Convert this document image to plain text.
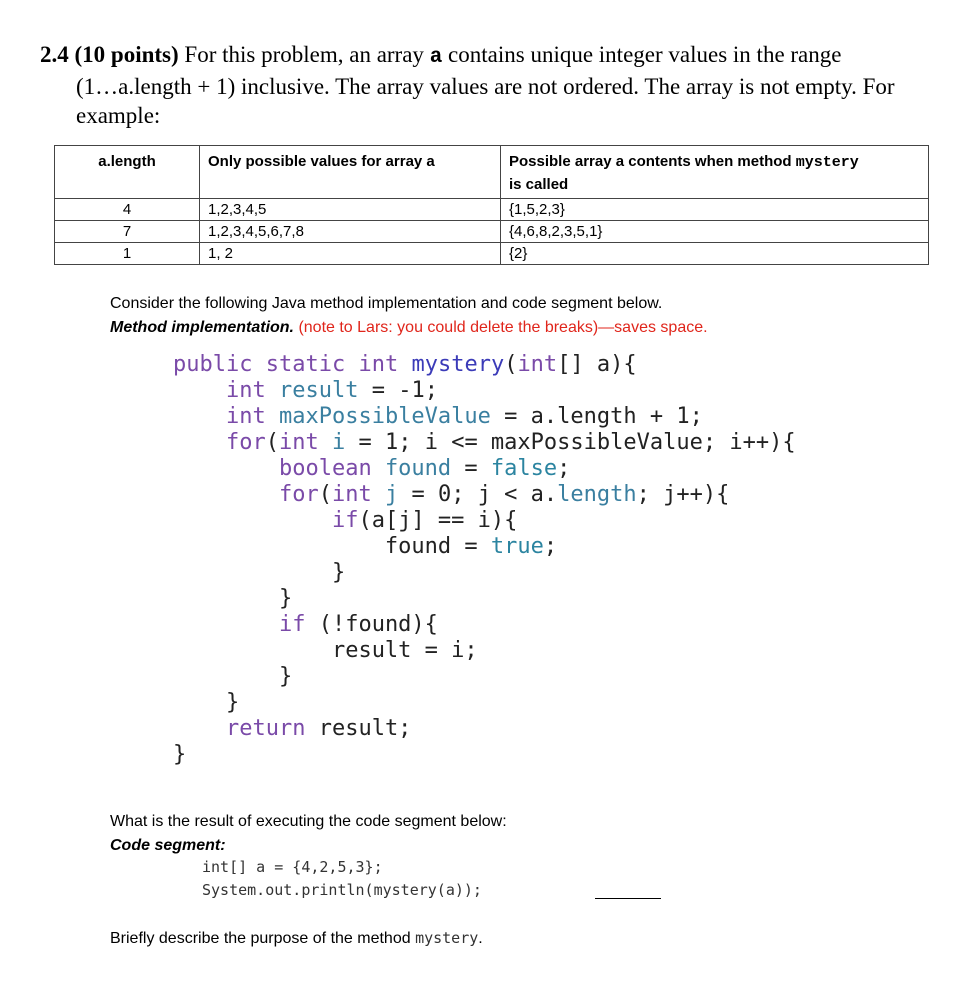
2.4 (10 points) For this problem, an array a contains unique integer values in the range
(1…a.length + 1) inclusive. The array values are not ordered. The array is not empty. For
example:
a.length	Only possible values for array a	Possible array a contents when method mystery
is called
4	1,2,3,4,5	{1,5,2,3}
7	1,2,3,4,5,6,7,8	{4,6,8,2,3,5,1}
1	1, 2	{2}
Consider the following Java method implementation and code segment below.
Method implementation. (note to Lars: you could delete the breaks)—saves space.
public static int mystery(int[] a){
int result = -1;
int maxPossibleValue = a.length + 1;
for(int i = 1; i <= maxPossibleValue; i++){
boolean found = false;
for(int j = 0; j < a.length; j++){
if(a[j] == i){
found = true;
}
}
if (!found){
result = i;
}
}
return result;
}
What is the result of executing the code segment below:
Code segment:
int[] a = {4,2,5,3};
System.out.println(mystery(a));
Briefly describe the purpose of the method mystery.
